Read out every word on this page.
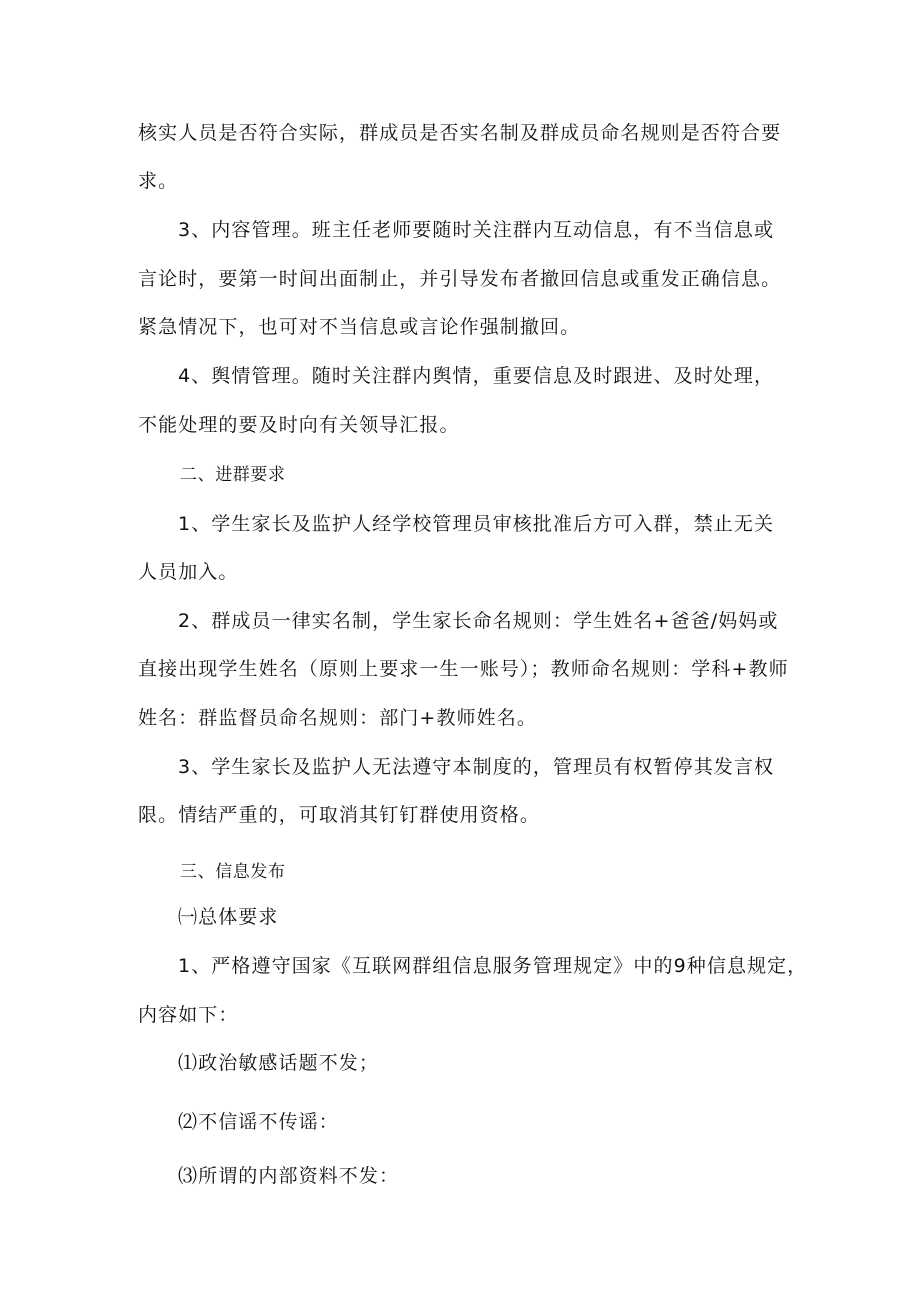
核实人员是否符合实际，群成员是否实名制及群成员命名规则是否符合要
求。
3、内容管理。班主任老师要随时关注群内互动信息，有不当信息或
言论时，要第一时间出面制止，并引导发布者撤回信息或重发正确信息。
紧急情况下，也可对不当信息或言论作强制撤回。
4、舆情管理。随时关注群内舆情，重要信息及时跟进、及时处理，
不能处理的要及时向有关领导汇报。
二、进群要求
1、学生家长及监护人经学校管理员审核批准后方可入群，禁止无关
人员加入。
2、群成员一律实名制，学生家长命名规则：学生姓名+爸爸/妈妈或
直接出现学生姓名（原则上要求一生一账号）；教师命名规则：学科+教师
姓名：群监督员命名规则：部门+教师姓名。
3、学生家长及监护人无法遵守本制度的，管理员有权暂停其发言权
限。情结严重的，可取消其钉钉群使用资格。
三、信息发布
㈠总体要求
1、严格遵守国家《互联网群组信息服务管理规定》中的9种信息规定，
内容如下：
⑴政治敏感话题不发；
⑵不信谣不传谣：
⑶所谓的内部资料不发：
